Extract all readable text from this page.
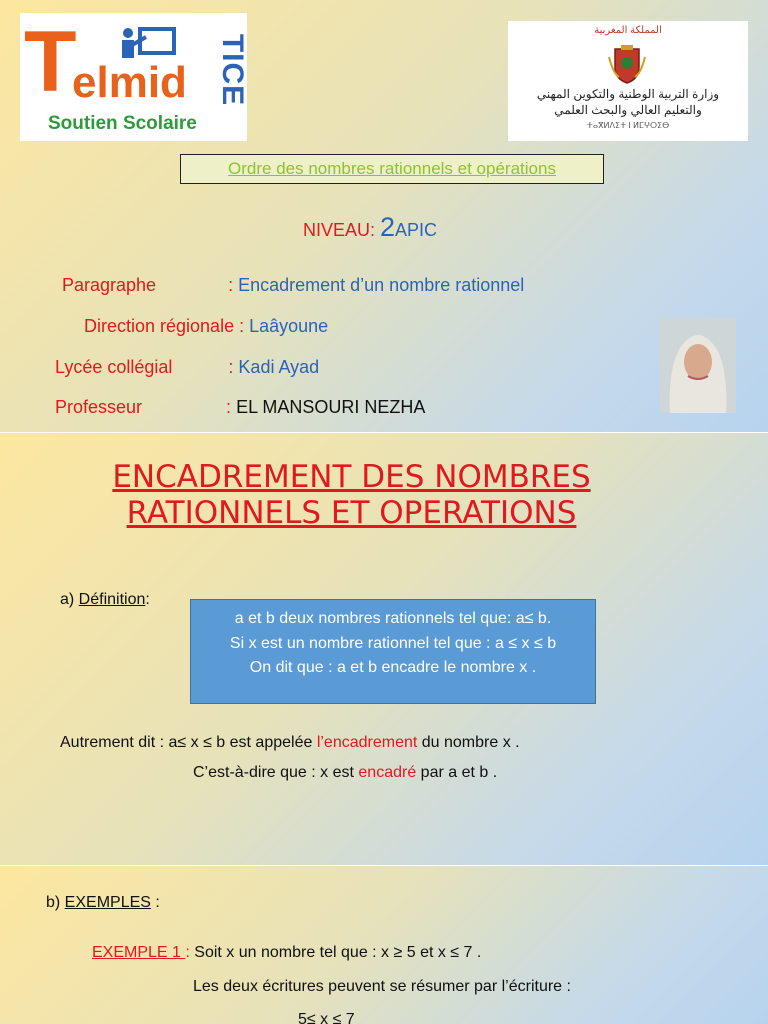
T
elmid TICE
Soutien Scolaire
المملكة المغربية
وزارة التربية الوطنية والتكوين المهني
والتعليم العالي والبحث العلمي
ⵜⴰⴳⵍⴷⵉⵜ ⵏ ⵍⵎⵖⵔⵉⴱ
Ordre des nombres rationnels et opérations
NIVEAU: 2APIC
Paragraphe	: Encadrement d’un nombre rationnel
Direction régionale : Laâyoune
Lycée collégial	: Kadi Ayad
Professeur	: EL MANSOURI NEZHA
ENCADREMENT DES NOMBRES
RATIONNELS ET OPERATIONS
a) Définition:
a et b deux nombres rationnels tel que: a≤ b.
Si x est un nombre rationnel tel que : a ≤ x ≤ b
On dit que : a et b encadre le nombre x .
Autrement dit : a≤ x ≤ b est appelée l’encadrement du nombre x .
C’est-à-dire que : x est encadré par a et b .
b) EXEMPLES :
EXEMPLE 1 : Soit x un nombre tel que : x ≥ 5 et x ≤ 7 .
Les deux écritures peuvent se résumer par l’écriture :
5≤ x ≤ 7
